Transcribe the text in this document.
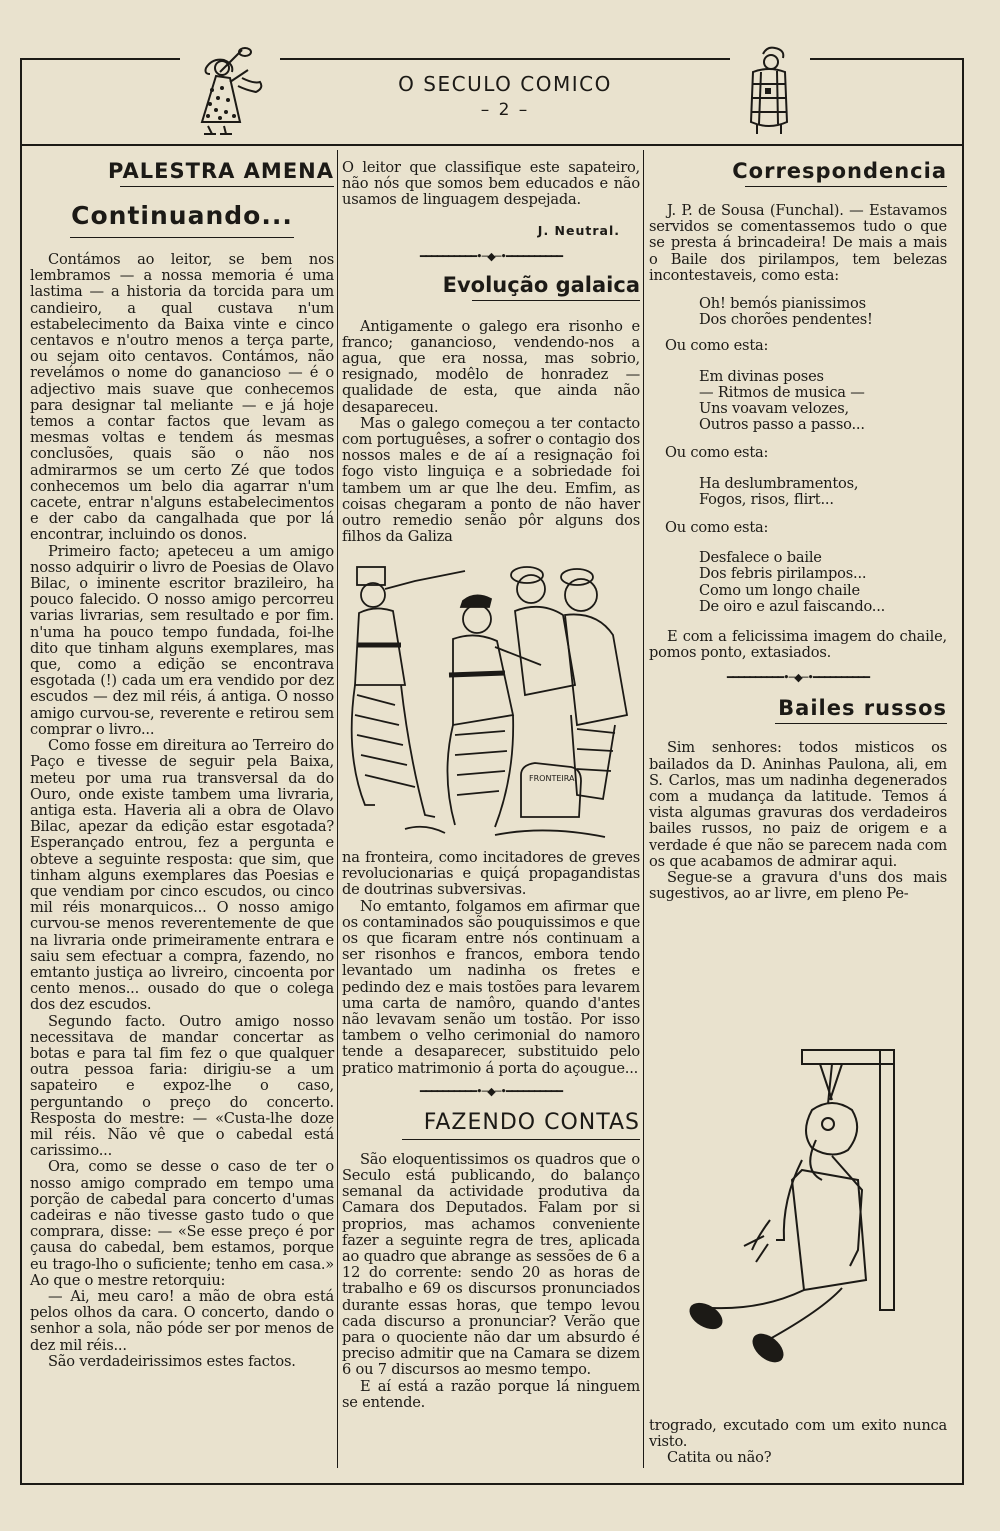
O SECULO COMICO
– 2 –
PALESTRA AMENA
Continuando...

Contámos ao leitor, se bem nos lembramos — a nossa memoria é uma lastima — a historia da torcida para um candieiro, a qual custava n'um estabelecimento da Baixa vinte e cinco centavos e n'outro menos a terça parte, ou sejam oito centavos. Contámos, não revelámos o nome do ganancioso — é o adjectivo mais suave que conhecemos para designar tal meliante — e já hoje temos a contar factos que levam as mesmas voltas e tendem ás mesmas conclusões, quais são o não nos admirarmos se um certo Zé que todos conhecemos um belo dia agarrar n'um cacete, entrar n'alguns estabelecimentos e der cabo da cangalhada que por lá encontrar, incluindo os donos.

Primeiro facto; apeteceu a um amigo nosso adquirir o livro de Poesias de Olavo Bilac, o iminente escritor brazileiro, ha pouco falecido. O nosso amigo percorreu varias livrarias, sem resultado e por fim. n'uma ha pouco tempo fundada, foi-lhe dito que tinham alguns exemplares, mas que, como a edição se encontrava esgotada (!) cada um era vendido por dez escudos — dez mil réis, á antiga. O nosso amigo curvou-se, reverente e retirou sem comprar o livro...

Como fosse em direitura ao Terreiro do Paço e tivesse de seguir pela Baixa, meteu por uma rua transversal da do Ouro, onde existe tambem uma livraria, antiga esta. Haveria ali a obra de Olavo Bilac, apezar da edição estar esgotada? Esperançado entrou, fez a pergunta e obteve a seguinte resposta: que sim, que tinham alguns exemplares das Poesias e que vendiam por cinco escudos, ou cinco mil réis monarquicos... O nosso amigo curvou-se menos reverentemente de que na livraria onde primeiramente entrara e saiu sem efectuar a compra, fazendo, no emtanto justiça ao livreiro, cincoenta por cento menos... ousado do que o colega dos dez escudos.

Segundo facto. Outro amigo nosso necessitava de mandar concertar as botas e para tal fim fez o que qualquer outra pessoa faria: dirigiu-se a um sapateiro e expoz-lhe o caso, perguntando o preço do concerto. Resposta do mestre: — «Custa-lhe doze mil réis. Não vê que o cabedal está carissimo...

Ora, como se desse o caso de ter o nosso amigo comprado em tempo uma porção de cabedal para concerto d'umas cadeiras e não tivesse gasto tudo o que comprara, disse: — «Se esse preço é por çausa do cabedal, bem estamos, porque eu trago-lho o suficiente; tenho em casa.» Ao que o mestre retorquiu:

— Ai, meu caro! a mão de obra está pelos olhos da cara. O concerto, dando o senhor a sola, não póde ser por menos de dez mil réis...

São verdadeirissimos estes factos.

O leitor que classifique este sapateiro, não nós que somos bem educados e não usamos de linguagem despejada.

J. Neutral.
━━━━━━━━━━•─◆─•━━━━━━━━━━
Evolução galaica

Antigamente o galego era risonho e franco; ganancioso, vendendo-nos a agua, que era nossa, mas sobrio, resignado, modêlo de honradez — qualidade de esta, que ainda não desapareceu.

Mas o galego começou a ter contacto com portuguêses, a sofrer o contagio dos nossos males e de aí a resignação foi fogo visto linguiça e a sobriedade foi tambem um ar que lhe deu. Emfim, as coisas chegaram a ponto de não haver outro remedio senão pôr alguns dos filhos da Galiza

FRONTEIRA

na fronteira, como incitadores de greves revolucionarias e quiçá propagandistas de doutrinas subversivas.

No emtanto, folgamos em afirmar que os contaminados são pouquissimos e que os que ficaram entre nós continuam a ser risonhos e francos, embora tendo levantado um nadinha os fretes e pedindo dez e mais tostões para levarem uma carta de namôro, quando d'antes não levavam senão um tostão. Por isso tambem o velho cerimonial do namoro tende a desaparecer, substituido pelo pratico matrimonio á porta do açougue...

━━━━━━━━━━•─◆─•━━━━━━━━━━
FAZENDO CONTAS

São eloquentissimos os quadros que o Seculo está publicando, do balanço semanal da actividade produtiva da Camara dos Deputados. Falam por si proprios, mas achamos conveniente fazer a seguinte regra de tres, aplicada ao quadro que abrange as sessões de 6 a 12 do corrente: sendo 20 as horas de trabalho e 69 os discursos pronunciados durante essas horas, que tempo levou cada discurso a pronunciar? Verão que para o quociente não dar um absurdo é preciso admitir que na Camara se dizem 6 ou 7 discursos ao mesmo tempo.

E aí está a razão porque lá ninguem se entende.

Correspondencia

J. P. de Sousa (Funchal). — Estavamos servidos se comentassemos tudo o que se presta á brincadeira! De mais a mais o Baile dos pirilampos, tem belezas incontestaveis, como esta:

Oh! bemós pianissimos

Dos chorões pendentes!

Ou como esta:

Em divinas poses

— Ritmos de musica —

Uns voavam velozes,

Outros passo a passo...

Ou como esta:

Ha deslumbramentos,

Fogos, risos, flirt...

Ou como esta:

Desfalece o baile

Dos febris pirilampos...

Como um longo chaile

De oiro e azul faiscando...

E com a felicissima imagem do chaile, pomos ponto, extasiados.

━━━━━━━━━━•─◆─•━━━━━━━━━━
Bailes russos

Sim senhores: todos misticos os bailados da D. Aninhas Paulona, ali, em S. Carlos, mas um nadinha degenerados com a mudança da latitude. Temos á vista algumas gravuras dos verdadeiros bailes russos, no paiz de origem e a verdade é que não se parecem nada com os que acabamos de admirar aqui.

Segue-se a gravura d'uns dos mais sugestivos, ao ar livre, em pleno Pe-

trogrado, excutado com um exito nunca visto.

Catita ou não?
